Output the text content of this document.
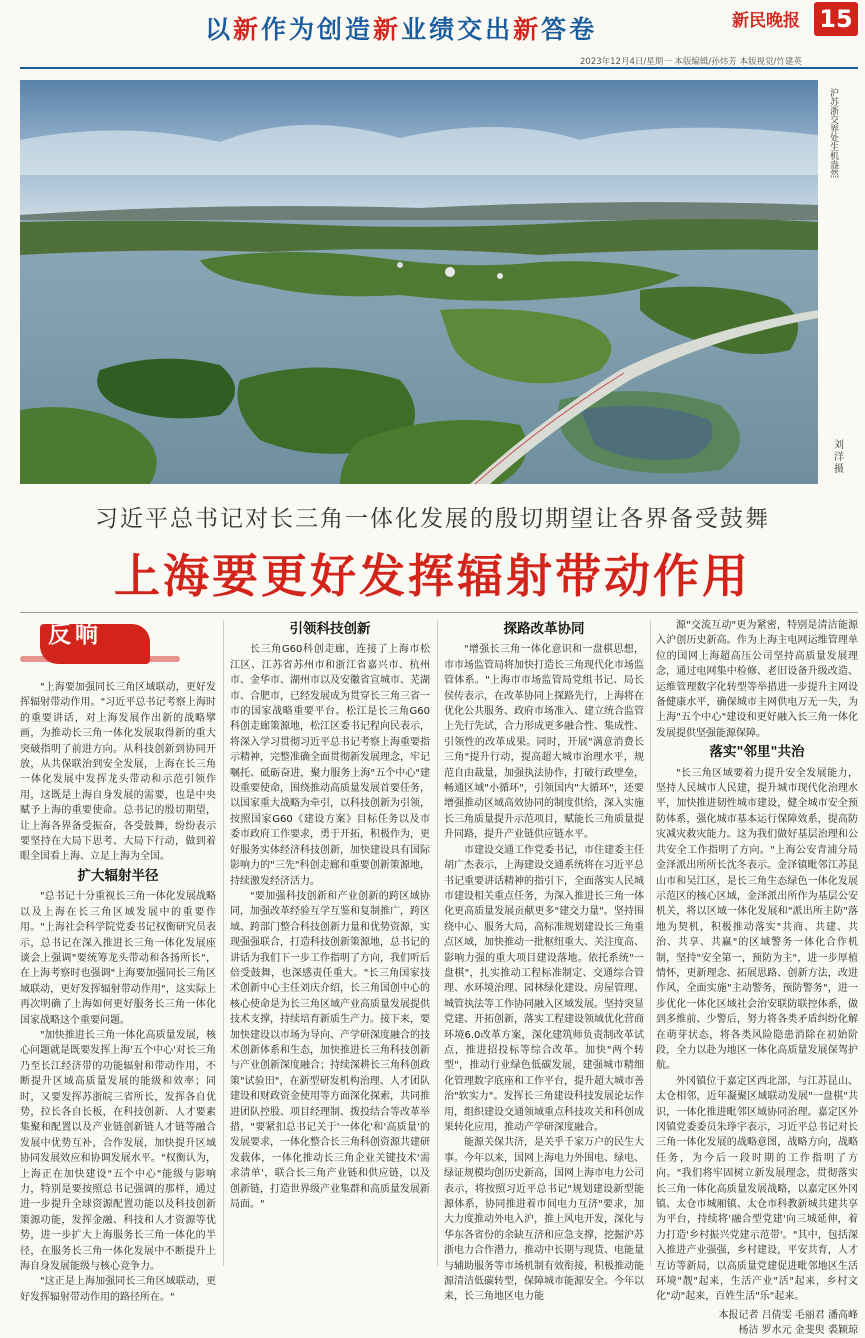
以新作为创造新业绩交出新答卷	新民晚报 15
2023年12月4日/星期一 本版编辑/孙炜芳 本版视觉/竹建英
沪苏浙交界处生机盎然
刘洋摄
习近平总书记对长三角一体化发展的殷切期望让各界备受鼓舞
上海要更好发挥辐射带动作用
反响

"上海要加强同长三角区域联动，更好发挥辐射带动作用。"习近平总书记考察上海时的重要讲话，对上海发展作出新的战略擘画，为推动长三角一体化发展取得新的重大突破指明了前进方向。从科技创新到协同开放，从共保联治到安全发展，上海在长三角一体化发展中发挥龙头带动和示范引领作用，这既是上海自身发展的需要，也是中央赋予上海的重要使命。总书记的殷切期望，让上海各界备受振奋，各受鼓舞，纷纷表示要坚持在大局下思考、大局下行动，做到着眼全国看上海、立足上海为全国。

扩大辐射半径

"总书记十分重视长三角一体化发展战略以及上海在长三角区域发展中的重要作用。"上海社会科学院党委书记权衡研究员表示，总书记在深入推进长三角一体化发展座谈会上强调"要统筹龙头带动和各扬所长"，在上海考察时也强调"上海要加强同长三角区域联动，更好发挥辐射带动作用"，这实际上再次明确了上海如何更好服务长三角一体化国家战略这个重要问题。

"加快推进长三角一体化高质量发展，核心问题就是既要发挥上海'五个中心'对长三角乃至长江经济带的功能辐射和带动作用，不断提升区域高质量发展的能级和效率；同时，又要发挥苏浙皖三省所长，发挥各自优势，拉长各自长板，在科技创新、人才要素集聚和配置以及产业链创新链人才链等融合发展中优势互补，合作发展，加快提升区域协同发展效应和协调发展水平。"权衡认为，上海正在加快建设"五个中心"能级与影响力，特别是要按照总书记强调的那样，通过进一步提升全球资源配置功能以及科技创新策源功能，发挥金融、科技和人才资源等优势，进一步扩大上海服务长三角一体化的半径，在服务长三角一体化发展中不断提升上海自身发展能级与核心竞争力。

"这正是上海加强同长三角区域联动，更好发挥辐射带动作用的路径所在。"

引领科技创新

长三角G60科创走廊，连接了上海市松江区、江苏省苏州市和浙江省嘉兴市、杭州市、金华市、湖州市以及安徽省宣城市、芜湖市、合肥市，已经发展成为贯穿长三角三省一市的国家战略重要平台。松江是长三角G60科创走廊策源地，松江区委书记程向民表示，将深入学习贯彻习近平总书记考察上海重要指示精神，完整准确全面贯彻新发展理念，牢记嘱托、砥砺奋进，聚力服务上海"五个中心"建设重要使命，围绕推动高质量发展首要任务，以国家重大战略为牵引，以科技创新为引领，按照国家G60《建设方案》目标任务以及市委市政府工作要求，勇于开拓，积极作为，更好服务实体经济科技创新，加快建设具有国际影响力的"三先"科创走廊和重要创新策源地，持续激发经济活力。

"要加强科技创新和产业创新的跨区域协同，加强改革经验互学互鉴和复制推广，跨区域、跨部门整合科技创新力量和优势资源，实现强强联合，打造科技创新策源地，总书记的讲话为我们下一步工作指明了方向，我们听后倍受鼓舞，也深感责任重大。"长三角国家技术创新中心主任刘庆介绍，长三角国创中心的核心使命是为长三角区域产业高质量发展提供技术支撑，持续培育新质生产力。接下来，要加快建设以市场为导向、产学研深度融合的技术创新体系和生态，加快推进长三角科技创新与产业创新深度融合；持续深耕长三角科创政策"试验田"，在新型研发机构治理、人才团队建设和财政资金使用等方面深化探索，共同推进团队控股、项目经理制、拨投结合等改革举措，"要紧扣总书记关于'一体化'和'高质量'的发展要求，一体化整合长三角科创资源共建研发载体，一体化推动长三角企业关键技术'需求清单'，联合长三角产业链和供应链，以及创新链，打造世界级产业集群和高质量发展新局面。"

探路改革协同

"增强长三角一体化意识和一盘棋思想，市市场监管局将加快打造长三角现代化市场监管体系。"上海市市场监管局党组书记、局长侯传表示，在改革协同上探路先行，上海将在优化公共服务、政府市场准入、建立统合监管上先行先试，合力形成更多融合性、集成性、引领性的改革成果。同时，开展"满意消费长三角"提升行动，提高超大城市治理水平，规范自由裁量，加强执法协作，打破行政壁垒，畅通区域"小循环"，引领国内"大循环"，还要增强推动区域高效协同的制度供给，深入实施长三角质量提升示范项目，赋能长三角质量提升同路，提升产业链供应链水平。

市建设交通工作党委书记，市住建委主任胡广杰表示，上海建设交通系统将在习近平总书记重要讲话精神的指引下，全面落实人民城市建设相关重点任务，为深入推进长三角一体化更高质量发展贡献更多"建交力量"。坚持围绕中心、服务大局，高标准规划建设长三角重点区域，加快推动一批枢纽重大、关注度高、影响力强的重大项目建设落地。依托系统"一盘棋"，扎实推动工程标准制定、交通综合管理、水环境治理、园林绿化建设、房屋管理、城管执法等工作协同融入区域发展。坚持突显党建、开拓创新，落实工程建设领域优化营商环境6.0改革方案，深化建筑师负责制改革试点，推进招投标等综合改革。加快"两个转型"，推动行业绿色低碳发展，建强城市精细化管理数字底座和工作平台，提升超大城市善治"软实力"。发挥长三角建设科技发展论坛作用，组织建设交通领域重点科技攻关和科创成果转化应用，推动产学研深度融合。

能源关保共济，是关乎千家万户的民生大事。今年以来，国网上海电力外围电、绿电、绿证规模均创历史新高，国网上海市电力公司表示，将按照习近平总书记"规划建设新型能源体系，协同推进着市间电力互济"要求，加大力度推动外电入沪，推上风电开发，深化与华东各省份的余缺互济和应急支撑，挖掘沪苏浙电力合作潜力，推动中长期与现货、电能量与辅助服务等市场机制有效衔接，积极推动能源清洁低碳转型，保障城市能源安全。今年以来，长三角地区电力能

源"交流互动"更为紧密，特别是清洁能源入沪创历史新高。作为上海主电网运维管理单位的国网上海超高压公司坚持高质量发展理念，通过电网集中检修、老旧设备升级改造、运维管理数字化转型等举措进一步提升主网设备健康水平，确保城市主网供电万无一失，为上海"五个中心"建设和更好融入长三角一体化发展提供坚强能源保障。

落实"邻里"共治

"长三角区域要着力提升安全发展能力，坚持人民城市人民建，提升城市现代化治理水平，加快推进韧性城市建设，健全城市安全预防体系，强化城市基本运行保障效系，提高防灾减灾救灾能力。这为我们做好基层治理和公共安全工作指明了方向。"上海公安青浦分局金泽派出所所长沈冬表示。金泽镇毗邻江苏昆山市和吴江区，是长三角生态绿色一体化发展示范区的核心区域，金泽派出所作为基层公安机关，将以区域一体化发展和"派出所主防"落地为契机，积极推动落实"共商、共建、共治、共享、共赢"的区域警务一体化合作机制，坚持"安全第一，预防为主"，进一步厚植情怀，更新理念、拓展思路、创新方法，改进作风，全面实施"主动警务，预防警务"，进一步优化一体化区域社会治安联防联控体系，做到多维前、少警后，努力将各类矛盾纠纷化解在萌芽状态，将各类风险隐患消除在初始阶段，全力以赴为地区一体化高质量发展保驾护航。

外冈镇位于嘉定区西北部，与江苏昆山、太仓相邻，近年凝聚区域联动发展"一盘棋"共识，一体化推进毗邻区域协同治理。嘉定区外冈镇党委委员朱琤宇表示，习近平总书记对长三角一体化发展的战略意图，战略方向，战略任务，为今后一段时期的工作指明了方向。"我们将牢固树立新发展理念，贯彻落实长三角一体化高质量发展战略，以嘉定区外冈镇、太仓市城厢镇、太仓市科教新城共建共享为平台，持续将'融合型党建'向三城延伸，着力打造'乡村振兴党建示范带'。"其中，包括深入推进产业强强，乡村建设，平安共育，人才互访等新局，以高质量党建促进毗邻地区生活环境"靓"起来，生活产业"活"起来，乡村文化"动"起来，百姓生活"乐"起来。

本报记者 吕倩雯 毛丽君 潘高峰
杨洁 罗水元 金斐臾 裘颖琼
